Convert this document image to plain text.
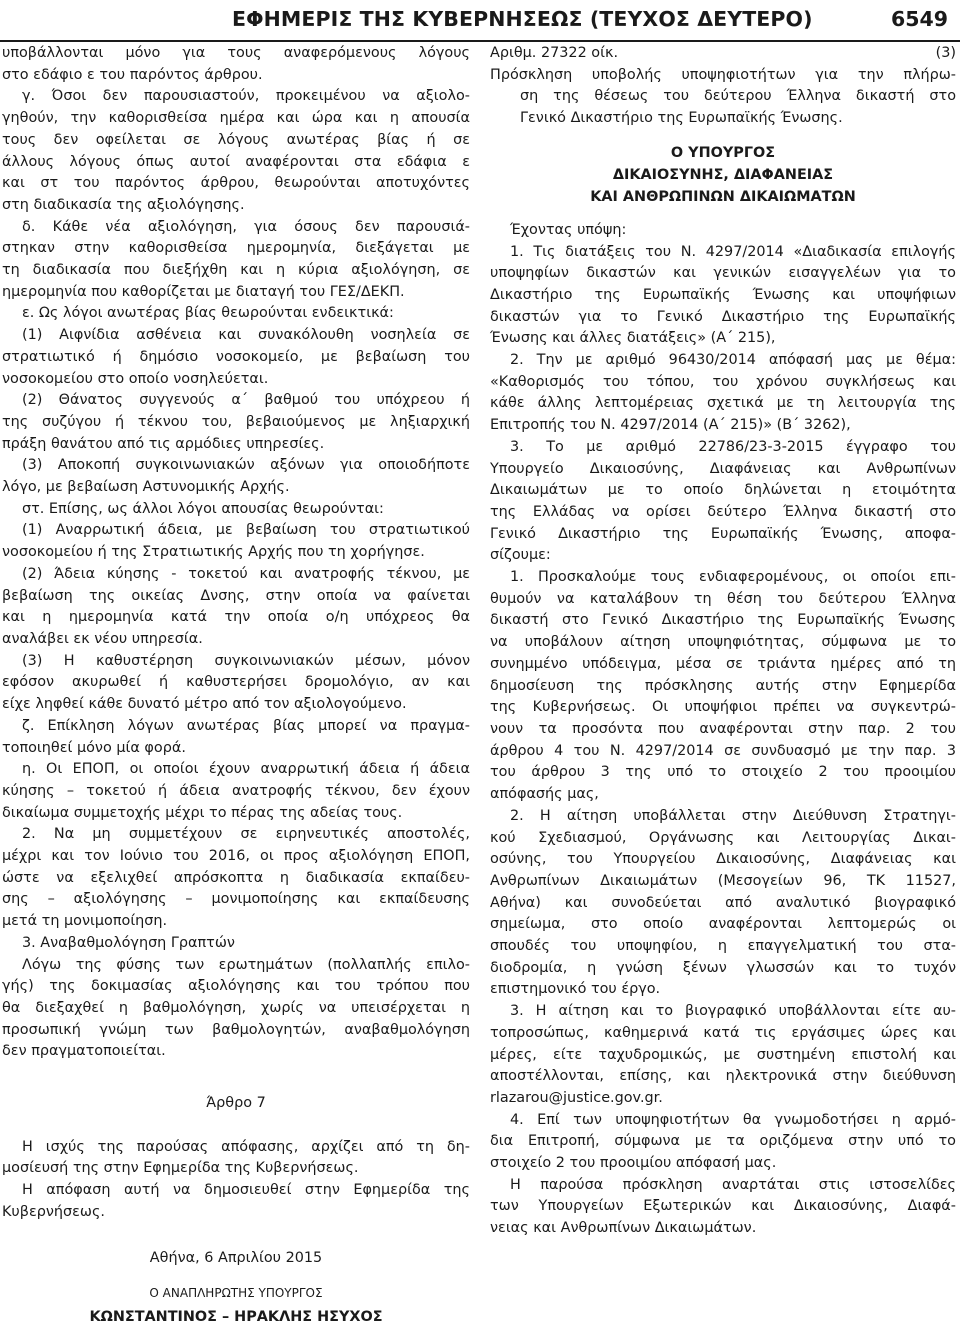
ΕΦΗΜΕΡΙΣ ΤΗΣ ΚΥΒΕΡΝΗΣΕΩΣ (ΤΕΥΧΟΣ ΔΕΥΤΕΡΟ)	6549

υποβάλλονται μόνο για τους αναφερόμενους λόγους

στο εδάφιο ε του παρόντος άρθρου.

γ. Όσοι δεν παρουσιαστούν, προκειμένου να αξιολο-

γηθούν, την καθορισθείσα ημέρα και ώρα και η απουσία

τους δεν οφείλεται σε λόγους ανωτέρας βίας ή σε

άλλους λόγους όπως αυτοί αναφέρονται στα εδάφια ε

και στ του παρόντος άρθρου, θεωρούνται αποτυχόντες

στη διαδικασία της αξιολόγησης.

δ. Κάθε νέα αξιολόγηση, για όσους δεν παρουσιά-

στηκαν στην καθορισθείσα ημερομηνία, διεξάγεται με

τη διαδικασία που διεξήχθη και η κύρια αξιολόγηση, σε

ημερομηνία που καθορίζεται με διαταγή του ΓΕΣ/ΔΕΚΠ.

ε. Ως λόγοι ανωτέρας βίας θεωρούνται ενδεικτικά:

(1) Αιφνίδια ασθένεια και συνακόλουθη νοσηλεία σε

στρατιωτικό ή δημόσιο νοσοκομείο, με βεβαίωση του

νοσοκομείου στο οποίο νοσηλεύεται.

(2) Θάνατος συγγενούς α΄ βαθμού του υπόχρεου ή

της συζύγου ή τέκνου του, βεβαιούμενος με ληξιαρχική

πράξη θανάτου από τις αρμόδιες υπηρεσίες.

(3) Αποκοπή συγκοινωνιακών αξόνων για οποιοδήποτε

λόγο, με βεβαίωση Αστυνομικής Αρχής.

στ. Επίσης, ως άλλοι λόγοι απουσίας θεωρούνται:

(1) Αναρρωτική άδεια, με βεβαίωση του στρατιωτικού

νοσοκομείου ή της Στρατιωτικής Αρχής που τη χορήγησε.

(2) Άδεια κύησης - τοκετού και ανατροφής τέκνου, με

βεβαίωση της οικείας Δνσης, στην οποία να φαίνεται

και η ημερομηνία κατά την οποία ο/η υπόχρεος θα

αναλάβει εκ νέου υπηρεσία.

(3) Η καθυστέρηση συγκοινωνιακών μέσων, μόνον

εφόσον ακυρωθεί ή καθυστερήσει δρομολόγιο, αν και

είχε ληφθεί κάθε δυνατό μέτρο από τον αξιολογούμενο.

ζ. Επίκληση λόγων ανωτέρας βίας μπορεί να πραγμα-

τοποιηθεί μόνο μία φορά.

η. Οι ΕΠΟΠ, οι οποίοι έχουν αναρρωτική άδεια ή άδεια

κύησης – τοκετού ή άδεια ανατροφής τέκνου, δεν έχουν

δικαίωμα συμμετοχής μέχρι το πέρας της αδείας τους.

2. Να μη συμμετέχουν σε ειρηνευτικές αποστολές,

μέχρι και τον Ιούνιο του 2016, οι προς αξιολόγηση ΕΠΟΠ,

ώστε να εξελιχθεί απρόσκοπτα η διαδικασία εκπαίδευ-

σης – αξιολόγησης – μονιμοποίησης και εκπαίδευσης

μετά τη μονιμοποίηση.

3. Αναβαθμολόγηση Γραπτών

Λόγω της φύσης των ερωτημάτων (πολλαπλής επιλο-

γής) της δοκιμασίας αξιολόγησης και του τρόπου που

θα διεξαχθεί η βαθμολόγηση, χωρίς να υπεισέρχεται η

προσωπική γνώμη των βαθμολογητών, αναβαθμολόγηση

δεν πραγματοποιείται.

Άρθρο 7

Η ισχύς της παρούσας απόφασης, αρχίζει από τη δη-

μοσίευσή της στην Εφημερίδα της Κυβερνήσεως.

Η απόφαση αυτή να δημοσιευθεί στην Εφημερίδα της

Κυβερνήσεως.

Αθήνα, 6 Απριλίου 2015

Ο ΑΝΑΠΛΗΡΩΤΗΣ ΥΠΟΥΡΓΟΣ

ΚΩΝΣΤΑΝΤΙΝΟΣ – ΗΡΑΚΛΗΣ ΗΣΥΧΟΣ

Αριθμ. 27322 οίκ.	(3)

Πρόσκληση υποβολής υποψηφιοτήτων για την πλήρω-

ση της θέσεως του δεύτερου Έλληνα δικαστή στο

Γενικό Δικαστήριο της Ευρωπαϊκής Ένωσης.

Ο ΥΠΟΥΡΓΟΣ

ΔΙΚΑΙΟΣΥΝΗΣ, ΔΙΑΦΑΝΕΙΑΣ

ΚΑΙ ΑΝΘΡΩΠΙΝΩΝ ΔΙΚΑΙΩΜΑΤΩΝ

Έχοντας υπόψη:

1. Τις διατάξεις του Ν. 4297/2014 «Διαδικασία επιλογής

υποψηφίων δικαστών και γενικών εισαγγελέων για το

Δικαστήριο της Ευρωπαϊκής Ένωσης και υποψήφιων

δικαστών για το Γενικό Δικαστήριο της Ευρωπαϊκής

Ένωσης και άλλες διατάξεις» (Α΄ 215),

2. Την με αριθμό 96430/2014 απόφασή μας με θέμα:

«Καθορισμός του τόπου, του χρόνου συγκλήσεως και

κάθε άλλης λεπτομέρειας σχετικά με τη λειτουργία της

Επιτροπής του Ν. 4297/2014 (Α΄ 215)» (Β΄ 3262),

3. Το με αριθμό 22786/23-3-2015 έγγραφο του

Υπουργείο Δικαιοσύνης, Διαφάνειας και Ανθρωπίνων

Δικαιωμάτων με το οποίο δηλώνεται η ετοιμότητα

της Ελλάδας να ορίσει δεύτερο Έλληνα δικαστή στο

Γενικό Δικαστήριο της Ευρωπαϊκής Ένωσης, αποφα-

σίζουμε:

1. Προσκαλούμε τους ενδιαφερομένους, οι οποίοι επι-

θυμούν να καταλάβουν τη θέση του δεύτερου Έλληνα

δικαστή στο Γενικό Δικαστήριο της Ευρωπαϊκής Ένωσης

να υποβάλουν αίτηση υποψηφιότητας, σύμφωνα με το

συνημμένο υπόδειγμα, μέσα σε τριάντα ημέρες από τη

δημοσίευση της πρόσκλησης αυτής στην Εφημερίδα

της Κυβερνήσεως. Οι υποψήφιοι πρέπει να συγκεντρώ-

νουν τα προσόντα που αναφέρονται στην παρ. 2 του

άρθρου 4 του Ν. 4297/2014 σε συνδυασμό με την παρ. 3

του άρθρου 3 της υπό το στοιχείο 2 του προοιμίου

απόφασής μας,

2. Η αίτηση υποβάλλεται στην Διεύθυνση Στρατηγι-

κού Σχεδιασμού, Οργάνωσης και Λειτουργίας Δικαι-

οσύνης, του Υπουργείου Δικαιοσύνης, Διαφάνειας και

Ανθρωπίνων Δικαιωμάτων (Μεσογείων 96, ΤΚ 11527,

Αθήνα) και συνοδεύεται από αναλυτικό βιογραφικό

σημείωμα, στο οποίο αναφέρονται λεπτομερώς οι

σπουδές του υποψηφίου, η επαγγελματική του στα-

διοδρομία, η γνώση ξένων γλωσσών και το τυχόν

επιστημονικό του έργο.

3. Η αίτηση και το βιογραφικό υποβάλλονται είτε αυ-

τοπροσώπως, καθημερινά κατά τις εργάσιμες ώρες και

μέρες, είτε ταχυδρομικώς, με συστημένη επιστολή και

αποστέλλονται, επίσης, και ηλεκτρονικά στην διεύθυνση

rlazarou@justice.gov.gr.

4. Επί των υποψηφιοτήτων θα γνωμοδοτήσει η αρμό-

δια Επιτροπή, σύμφωνα με τα οριζόμενα στην υπό το

στοιχείο 2 του προοιμίου απόφασή μας.

Η παρούσα πρόσκληση αναρτάται στις ιστοσελίδες

των Υπουργείων Εξωτερικών και Δικαιοσύνης, Διαφά-

νειας και Ανθρωπίνων Δικαιωμάτων.
